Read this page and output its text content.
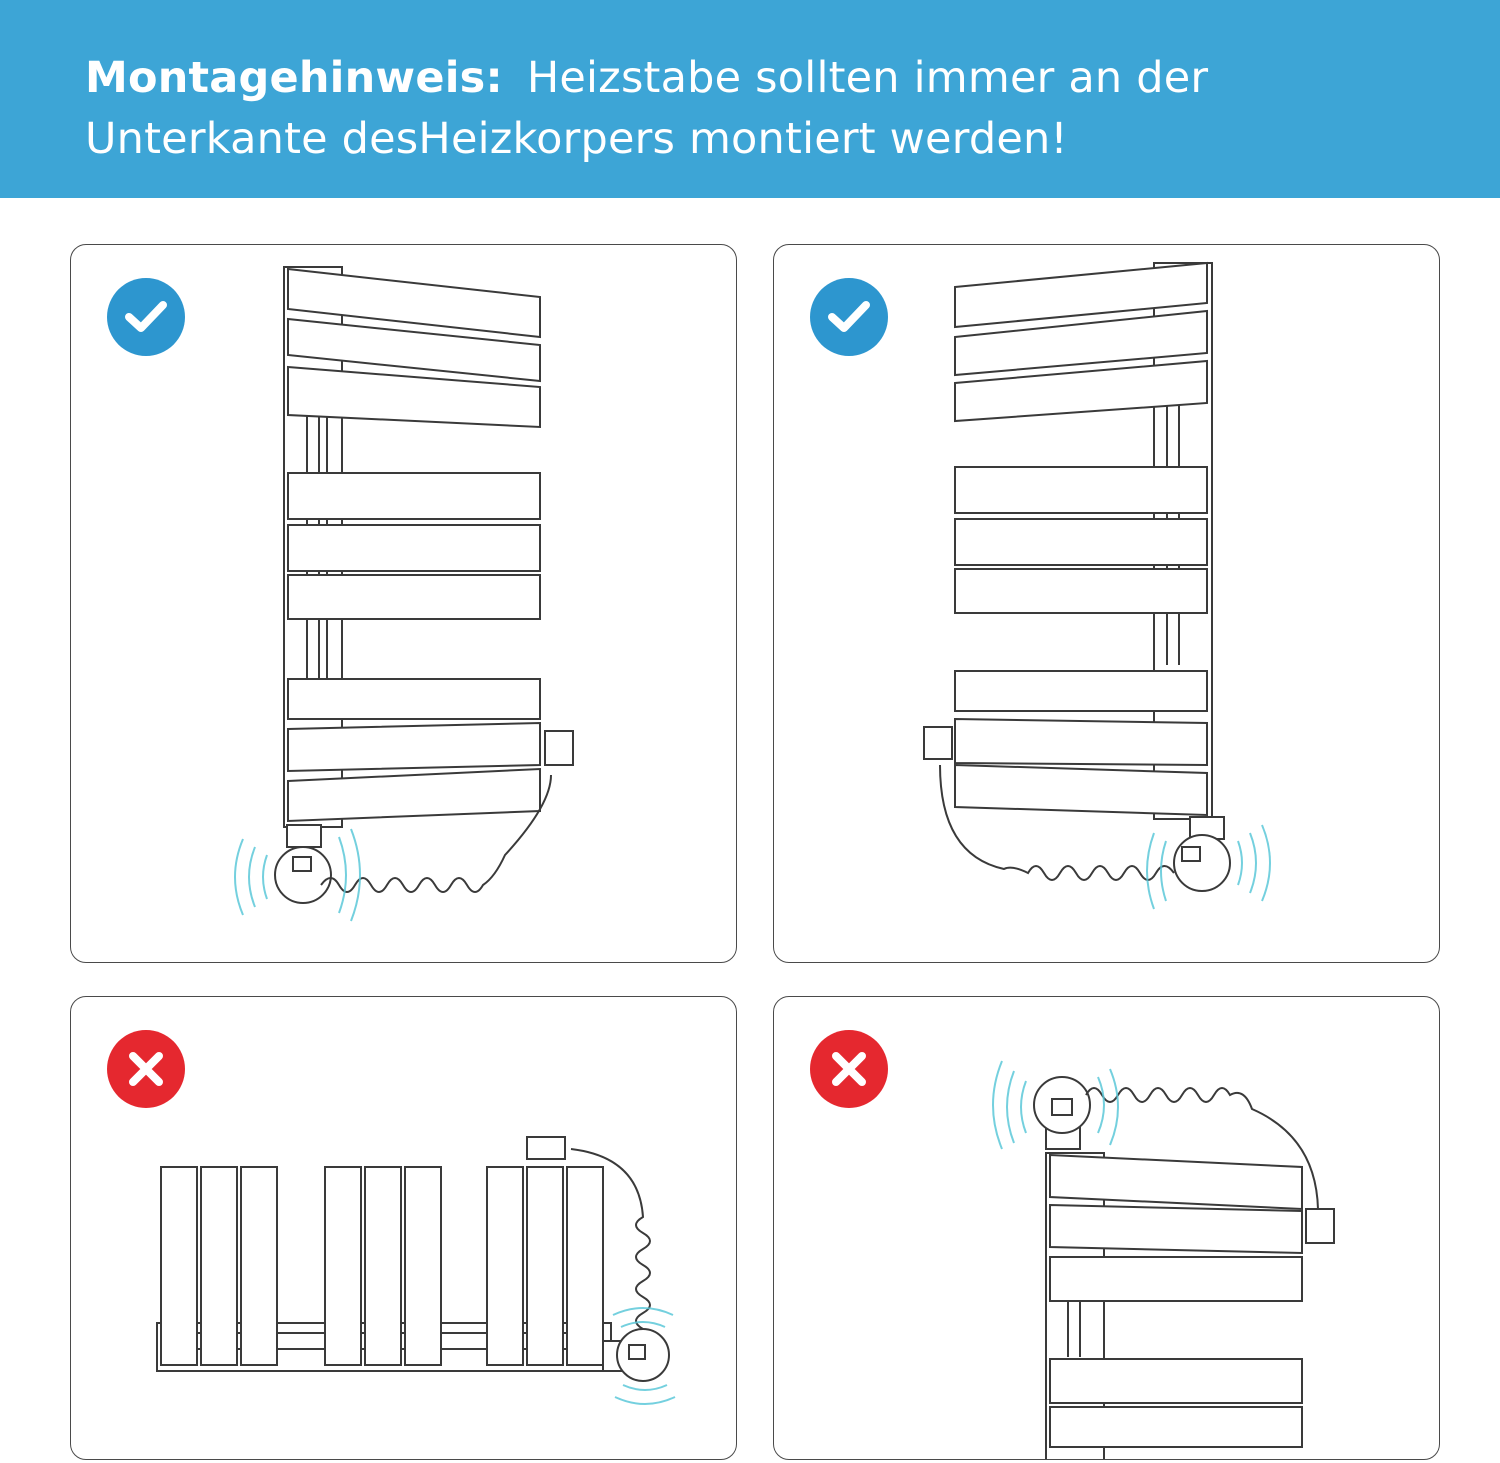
Montagehinweis: Heizstabe sollten immer an der
Unterkante desHeizkorpers montiert werden!
